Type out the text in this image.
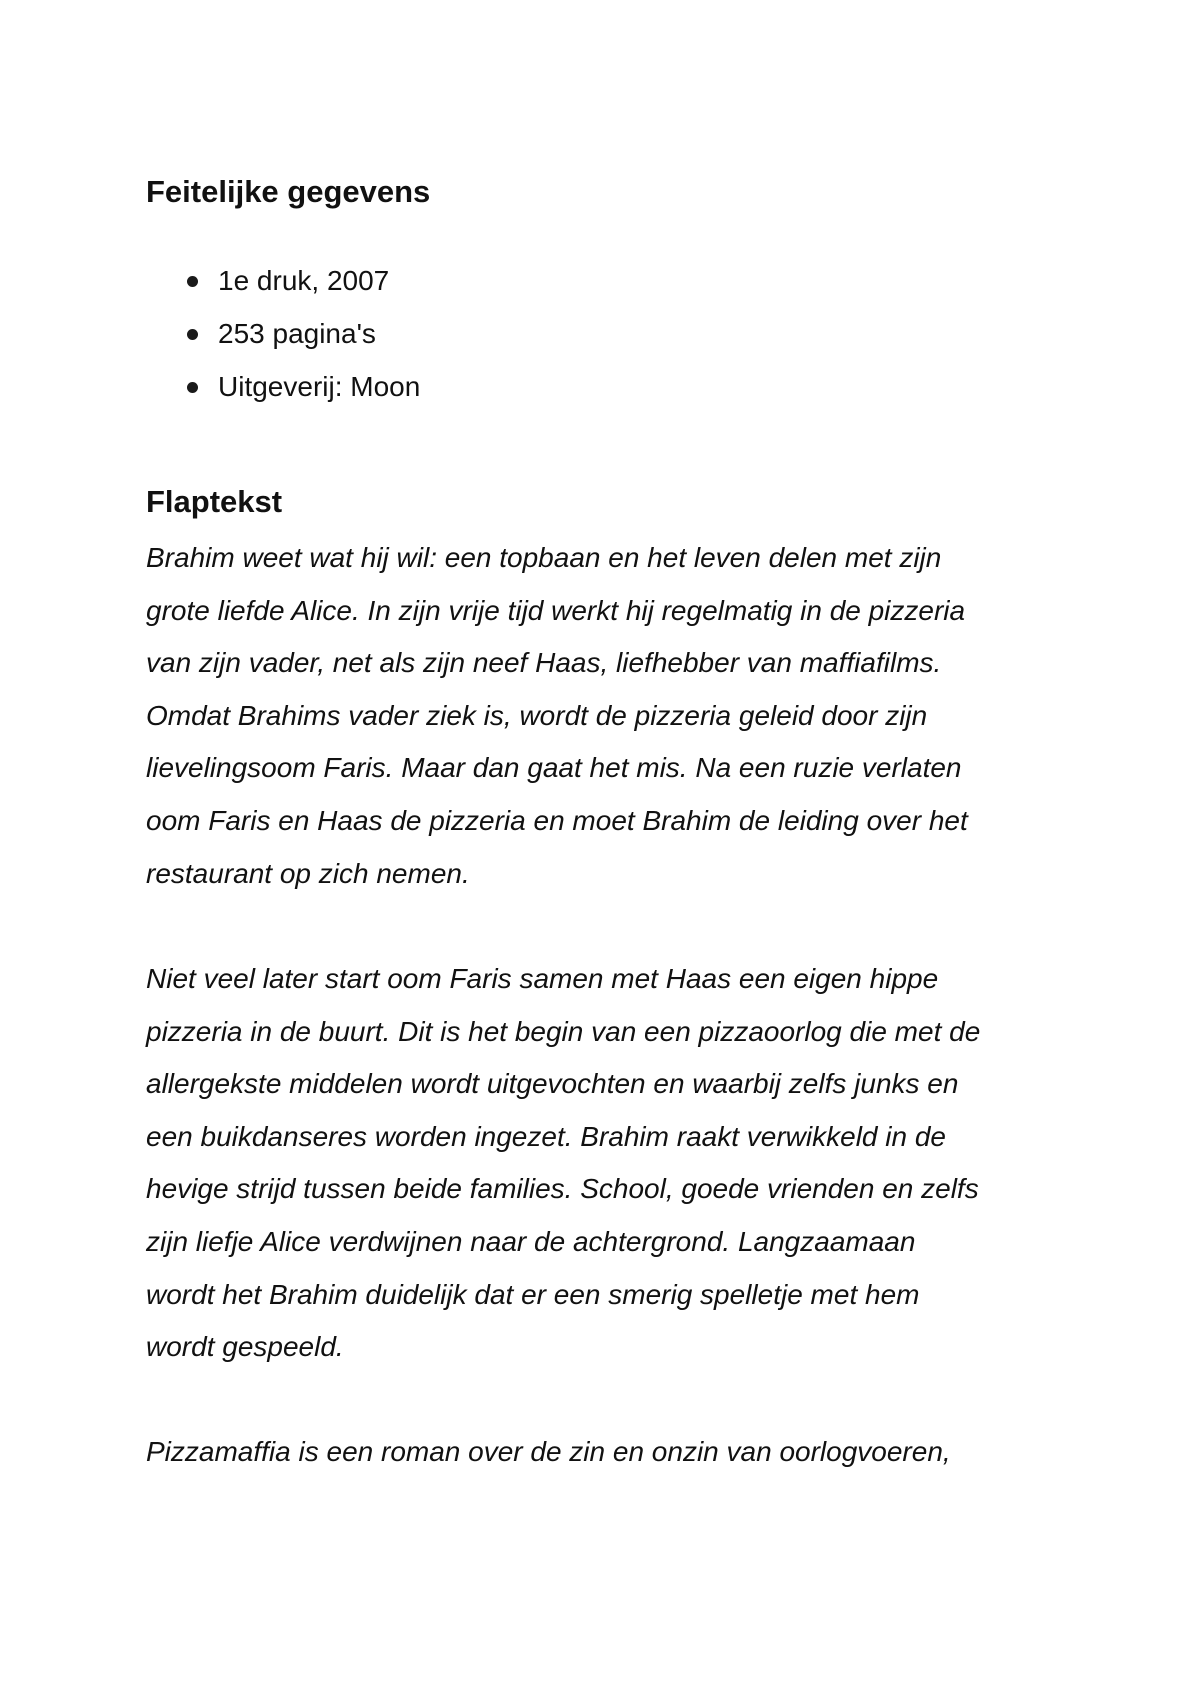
Feitelijke gegevens
1e druk, 2007
253 pagina's
Uitgeverij: Moon
Flaptekst

Brahim weet wat hij wil: een topbaan en het leven delen met zijn
grote liefde Alice. In zijn vrije tijd werkt hij regelmatig in de pizzeria
van zijn vader, net als zijn neef Haas, liefhebber van maffiafilms.
Omdat Brahims vader ziek is, wordt de pizzeria geleid door zijn
lievelingsoom Faris. Maar dan gaat het mis. Na een ruzie verlaten
oom Faris en Haas de pizzeria en moet Brahim de leiding over het
restaurant op zich nemen.

Niet veel later start oom Faris samen met Haas een eigen hippe
pizzeria in de buurt. Dit is het begin van een pizzaoorlog die met de
allergekste middelen wordt uitgevochten en waarbij zelfs junks en
een buikdanseres worden ingezet. Brahim raakt verwikkeld in de
hevige strijd tussen beide families. School, goede vrienden en zelfs
zijn liefje Alice verdwijnen naar de achtergrond. Langzaamaan
wordt het Brahim duidelijk dat er een smerig spelletje met hem
wordt gespeeld.

Pizzamaffia is een roman over de zin en onzin van oorlogvoeren,
